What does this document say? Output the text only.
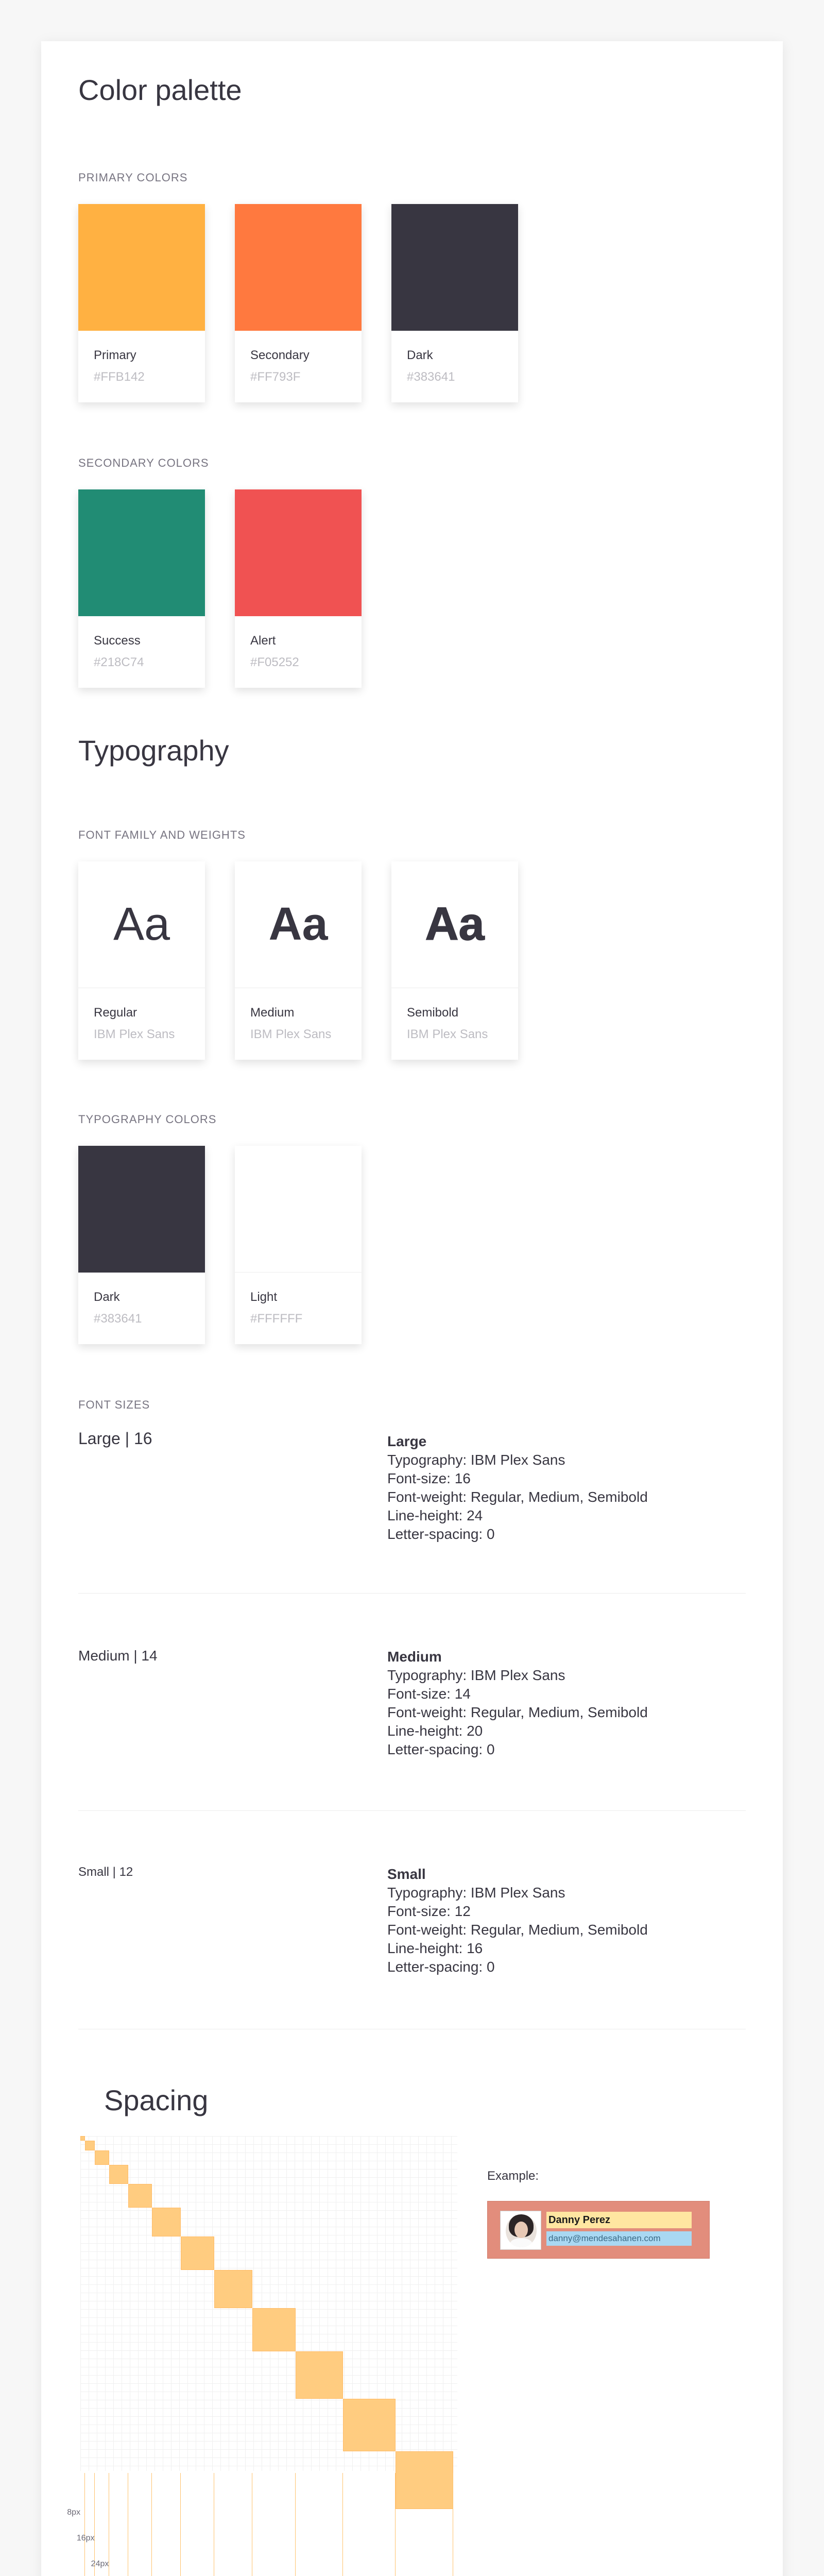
Color palette
PRIMARY COLORS
Primary
#FFB142
Secondary
#FF793F
Dark
#383641
SECONDARY COLORS
Success
#218C74
Alert
#F05252
Typography
FONT FAMILY AND WEIGHTS
Aa
Regular
IBM Plex Sans
Aa
Medium
IBM Plex Sans
Aa
Semibold
IBM Plex Sans
TYPOGRAPHY COLORS
Dark
#383641
Light
#FFFFFF
FONT SIZES
Large | 16	Large
Typography: IBM Plex Sans
Font-size: 16
Font-weight: Regular, Medium, Semibold
Line-height: 24
Letter-spacing: 0
Medium | 14	Medium
Typography: IBM Plex Sans
Font-size: 14
Font-weight: Regular, Medium, Semibold
Line-height: 20
Letter-spacing: 0
Small | 12	Small
Typography: IBM Plex Sans
Font-size: 12
Font-weight: Regular, Medium, Semibold
Line-height: 16
Letter-spacing: 0
Spacing
8px
16px
24px
Example:
Danny Perez
danny@mendesahanen.com
